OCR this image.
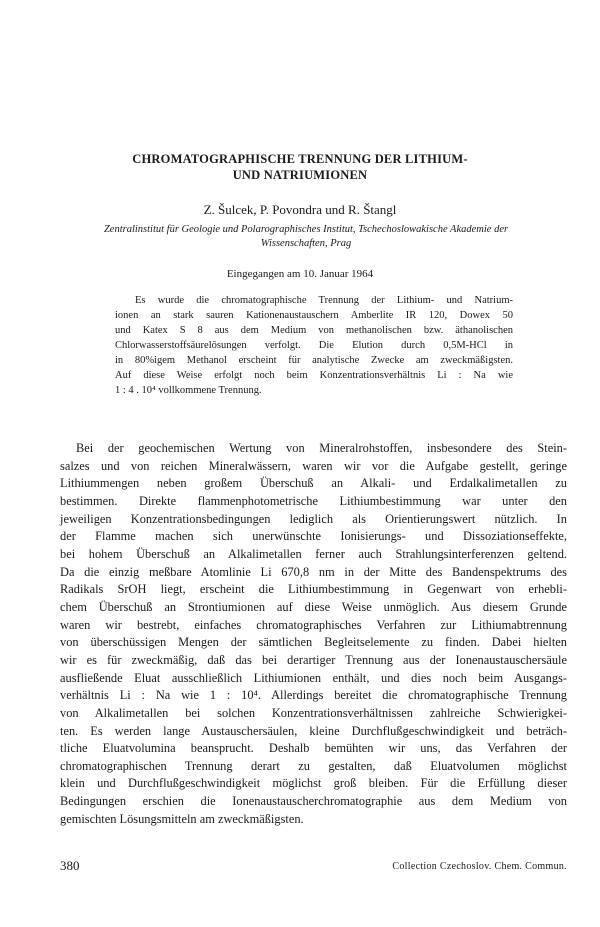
CHROMATOGRAPHISCHE TRENNUNG DER LITHIUM-
UND NATRIUMIONEN
Z. Šulcek, P. Povondra und R. Štangl
Zentralinstitut für Geologie und Polarographisches Institut, Tschechoslowakische Akademie der
Wissenschaften, Prag
Eingegangen am 10. Januar 1964
Es wurde die chromatographische Trennung der Lithium- und Natrium-
ionen an stark sauren Kationenaustauschern Amberlite IR 120, Dowex 50
und Katex S 8 aus dem Medium von methanolischen bzw. äthanolischen
Chlorwasserstoffsäurelösungen verfolgt. Die Elution durch 0,5M-HCl in
in 80%igem Methanol erscheint für analytische Zwecke am zweckmäßigsten.
Auf diese Weise erfolgt noch beim Konzentrationsverhältnis Li : Na wie
1 : 4 . 10⁴ vollkommene Trennung.
Bei der geochemischen Wertung von Mineralrohstoffen, insbesondere des Stein-
salzes und von reichen Mineralwässern, waren wir vor die Aufgabe gestellt, geringe
Lithiummengen neben großem Überschuß an Alkali- und Erdalkalimetallen zu
bestimmen. Direkte flammenphotometrische Lithiumbestimmung war unter den
jeweiligen Konzentrationsbedingungen lediglich als Orientierungswert nützlich. In
der Flamme machen sich unerwünschte Ionisierungs- und Dissoziationseffekte,
bei hohem Überschuß an Alkalimetallen ferner auch Strahlungsinterferenzen geltend.
Da die einzig meßbare Atomlinie Li 670,8 nm in der Mitte des Bandenspektrums des
Radikals SrOH liegt, erscheint die Lithiumbestimmung in Gegenwart von erhebli-
chem Überschuß an Strontiumionen auf diese Weise unmöglich. Aus diesem Grunde
waren wir bestrebt, einfaches chromatographisches Verfahren zur Lithiumabtrennung
von überschüssigen Mengen der sämtlichen Begleitselemente zu finden. Dabei hielten
wir es für zweckmäßig, daß das bei derartiger Trennung aus der Ionenaustauschersäule
ausfließende Eluat ausschließlich Lithiumionen enthält, und dies noch beim Ausgangs-
verhältnis Li : Na wie 1 : 10⁴. Allerdings bereitet die chromatographische Trennung
von Alkalimetallen bei solchen Konzentrationsverhältnissen zahlreiche Schwierigkei-
ten. Es werden lange Austauschersäulen, kleine Durchflußgeschwindigkeit und beträch-
tliche Eluatvolumina beansprucht. Deshalb bemühten wir uns, das Verfahren der
chromatographischen Trennung derart zu gestalten, daß Eluatvolumen möglichst
klein und Durchflußgeschwindigkeit möglichst groß bleiben. Für die Erfüllung dieser
Bedingungen erschien die Ionenaustauscherchromatographie aus dem Medium von
gemischten Lösungsmitteln am zweckmäßigsten.
380	Collection Czechoslov. Chem. Commun.
